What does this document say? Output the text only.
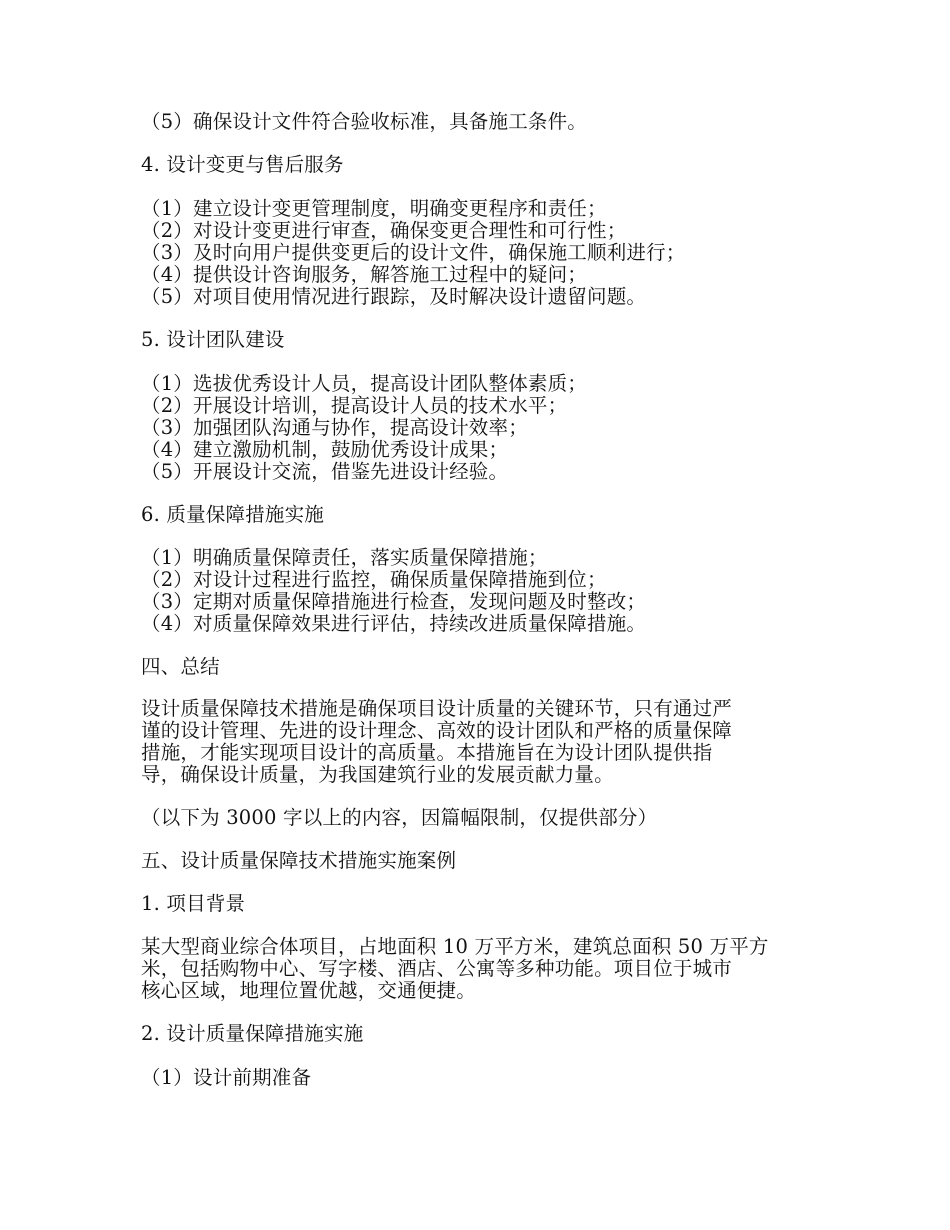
（5）确保设计文件符合验收标准，具备施工条件。
4. 设计变更与售后服务
（1）建立设计变更管理制度，明确变更程序和责任；
（2）对设计变更进行审查，确保变更合理性和可行性；
（3）及时向用户提供变更后的设计文件，确保施工顺利进行；
（4）提供设计咨询服务，解答施工过程中的疑问；
（5）对项目使用情况进行跟踪，及时解决设计遗留问题。
5. 设计团队建设
（1）选拔优秀设计人员，提高设计团队整体素质；
（2）开展设计培训，提高设计人员的技术水平；
（3）加强团队沟通与协作，提高设计效率；
（4）建立激励机制，鼓励优秀设计成果；
（5）开展设计交流，借鉴先进设计经验。
6. 质量保障措施实施
（1）明确质量保障责任，落实质量保障措施；
（2）对设计过程进行监控，确保质量保障措施到位；
（3）定期对质量保障措施进行检查，发现问题及时整改；
（4）对质量保障效果进行评估，持续改进质量保障措施。
四、总结
设计质量保障技术措施是确保项目设计质量的关键环节，只有通过严
谨的设计管理、先进的设计理念、高效的设计团队和严格的质量保障
措施，才能实现项目设计的高质量。本措施旨在为设计团队提供指
导，确保设计质量，为我国建筑行业的发展贡献力量。
（以下为 3000 字以上的内容，因篇幅限制，仅提供部分）
五、设计质量保障技术措施实施案例
1. 项目背景
某大型商业综合体项目，占地面积 10 万平方米，建筑总面积 50 万平方
米，包括购物中心、写字楼、酒店、公寓等多种功能。项目位于城市
核心区域，地理位置优越，交通便捷。
2. 设计质量保障措施实施
（1）设计前期准备
